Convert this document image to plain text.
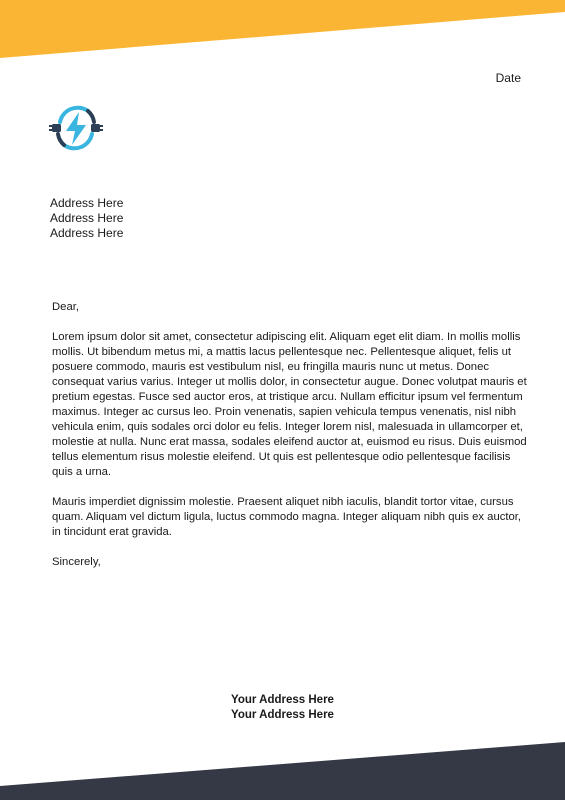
Date
Address Here
Address Here
Address Here

Dear,

Lorem ipsum dolor sit amet, consectetur adipiscing elit. Aliquam eget elit diam. In mollis mollis mollis. Ut bibendum metus mi, a mattis lacus pellentesque nec. Pellentesque aliquet, felis ut posuere commodo, mauris est vestibulum nisl, eu fringilla mauris nunc ut metus. Donec consequat varius varius. Integer ut mollis dolor, in consectetur augue. Donec volutpat mauris et pretium egestas. Fusce sed auctor eros, at tristique arcu. Nullam efficitur ipsum vel fermentum maximus. Integer ac cursus leo. Proin venenatis, sapien vehicula tempus venenatis, nisl nibh vehicula enim, quis sodales orci dolor eu felis. Integer lorem nisl, malesuada in ullamcorper et, molestie at nulla. Nunc erat massa, sodales eleifend auctor at, euismod eu risus. Duis euismod tellus elementum risus molestie eleifend. Ut quis est pellentesque odio pellentesque facilisis quis a urna.

Mauris imperdiet dignissim molestie. Praesent aliquet nibh iaculis, blandit tortor vitae, cursus quam. Aliquam vel dictum ligula, luctus commodo magna. Integer aliquam nibh quis ex auctor, in tincidunt erat gravida.

Sincerely,

Your Address Here
Your Address Here
